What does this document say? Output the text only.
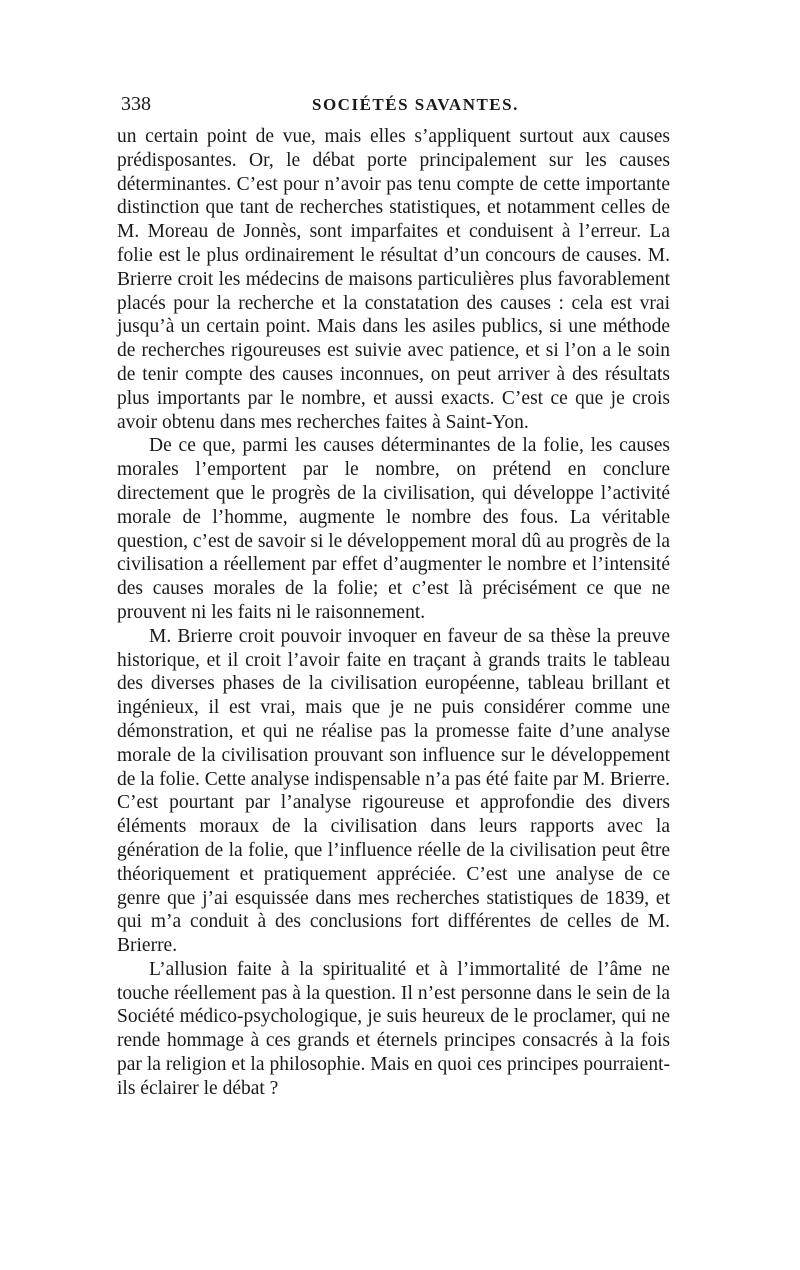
338	SOCIÉTÉS SAVANTES.

un certain point de vue, mais elles s’appliquent surtout aux causes prédisposantes. Or, le débat porte principalement sur les causes déterminantes. C’est pour n’avoir pas tenu compte de cette importante distinction que tant de recherches statistiques, et notamment celles de M. Moreau de Jonnès, sont imparfaites et conduisent à l’erreur. La folie est le plus ordinairement le résultat d’un concours de causes. M. Brierre croit les médecins de maisons particulières plus favorablement placés pour la recherche et la constatation des causes : cela est vrai jusqu’à un certain point. Mais dans les asiles publics, si une méthode de recherches rigoureuses est suivie avec patience, et si l’on a le soin de tenir compte des causes inconnues, on peut arriver à des résultats plus importants par le nombre, et aussi exacts. C’est ce que je crois avoir obtenu dans mes recherches faites à Saint-Yon.

De ce que, parmi les causes déterminantes de la folie, les causes morales l’emportent par le nombre, on prétend en conclure directement que le progrès de la civilisation, qui développe l’activité morale de l’homme, augmente le nombre des fous. La véritable question, c’est de savoir si le développement moral dû au progrès de la civilisation a réellement par effet d’augmenter le nombre et l’intensité des causes morales de la folie; et c’est là précisément ce que ne prouvent ni les faits ni le raisonnement.

M. Brierre croit pouvoir invoquer en faveur de sa thèse la preuve historique, et il croit l’avoir faite en traçant à grands traits le tableau des diverses phases de la civilisation européenne, tableau brillant et ingénieux, il est vrai, mais que je ne puis considérer comme une démonstration, et qui ne réalise pas la promesse faite d’une analyse morale de la civilisation prouvant son influence sur le développement de la folie. Cette analyse indispensable n’a pas été faite par M. Brierre. C’est pourtant par l’analyse rigoureuse et approfondie des divers éléments moraux de la civilisation dans leurs rapports avec la génération de la folie, que l’influence réelle de la civilisation peut être théoriquement et pratiquement appréciée. C’est une analyse de ce genre que j’ai esquissée dans mes recherches statistiques de 1839, et qui m’a conduit à des conclusions fort différentes de celles de M. Brierre.

L’allusion faite à la spiritualité et à l’immortalité de l’âme ne touche réellement pas à la question. Il n’est personne dans le sein de la Société médico-psychologique, je suis heureux de le proclamer, qui ne rende hommage à ces grands et éternels principes consacrés à la fois par la religion et la philosophie. Mais en quoi ces principes pourraient-ils éclairer le débat ?
